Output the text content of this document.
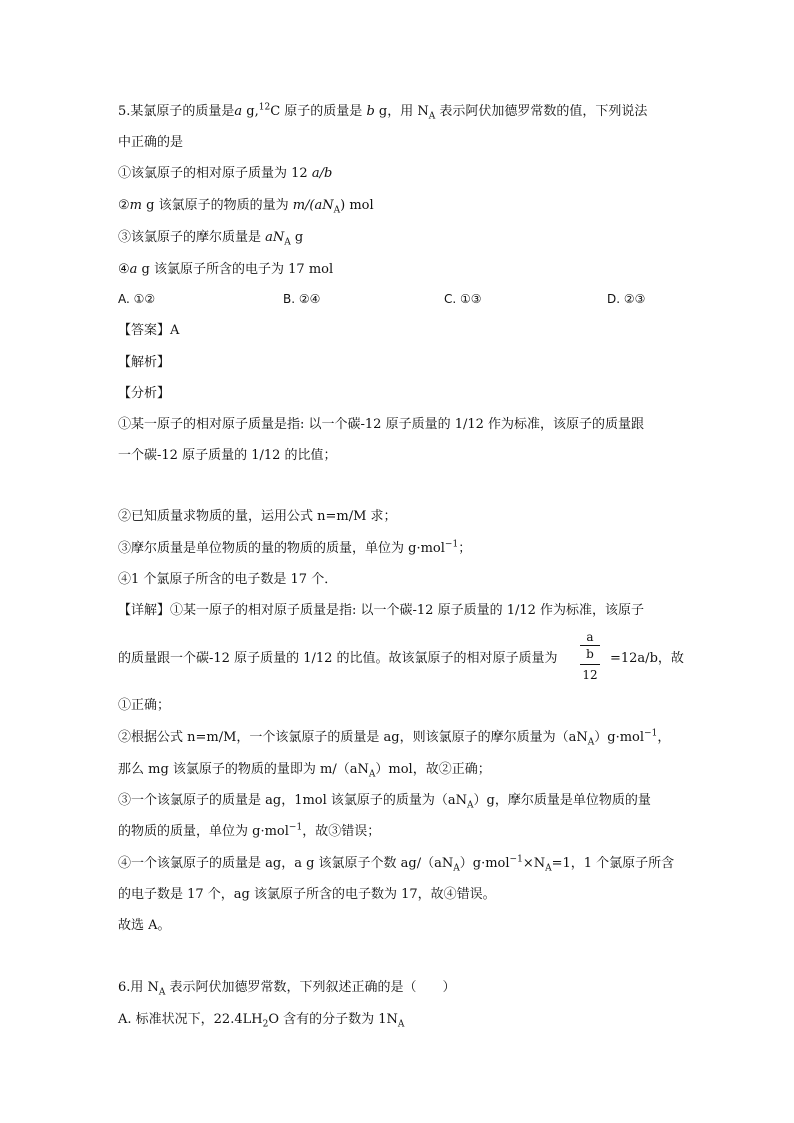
5.某氯原子的质量是a g,$^{12}$C 原子的质量是 b g，用 $N_A$ 表示阿伏加德罗常数的值，下列说法
中正确的是
①该氯原子的相对原子质量为 12 a/b
②m g 该氯原子的物质的量为 $m/(aN_A)$ mol
③该氯原子的摩尔质量是 $aN_A$ g
④a g 该氯原子所含的电子为 17 mol
A. ①②	B. ②④	C. ①③	D. ②③
【答案】A
【解析】
【分析】
①某一原子的相对原子质量是指: 以一个碳-12 原子质量的 1/12 作为标准，该原子的质量跟
一个碳-12 原子质量的 1/12 的比值；
②已知质量求物质的量，运用公式 n=m/M 求；
③摩尔质量是单位物质的量的物质的质量，单位为 g·mol$^{-1}$；
④1 个氯原子所含的电子数是 17 个．
【详解】①某一原子的相对原子质量是指: 以一个碳-12 原子质量的 1/12 作为标准，该原子
的质量跟一个碳-12 原子质量的 1/12 的比值。故该氯原子的相对原子质量为
a
b
12
=12a/b，故
①正确；
②根据公式 n=m/M，一个该氯原子的质量是 ag，则该氯原子的摩尔质量为$(aN_A)g\cdot mol^{-1}$，
那么 mg 该氯原子的物质的量即为 $m/(aN_A)mol$，故②正确；
③一个该氯原子的质量是 ag，1mol 该氯原子的质量为$(aN_A)g$，摩尔质量是单位物质的量
的物质的质量，单位为 g·mol$^{-1}$，故③错误；
④一个该氯原子的质量是 ag，a g 该氯原子个数 $ag/(aN_A)g\cdot mol^{-1}\times N_A=1$，1 个氯原子所含
的电子数是 17 个，ag 该氯原子所含的电子数为 17，故④错误。
故选 A。
6.用 $N_A$ 表示阿伏加德罗常数，下列叙述正确的是（　　）
A. 标准状况下，$22.4LH_2O$ 含有的分子数为 $1N_A$
